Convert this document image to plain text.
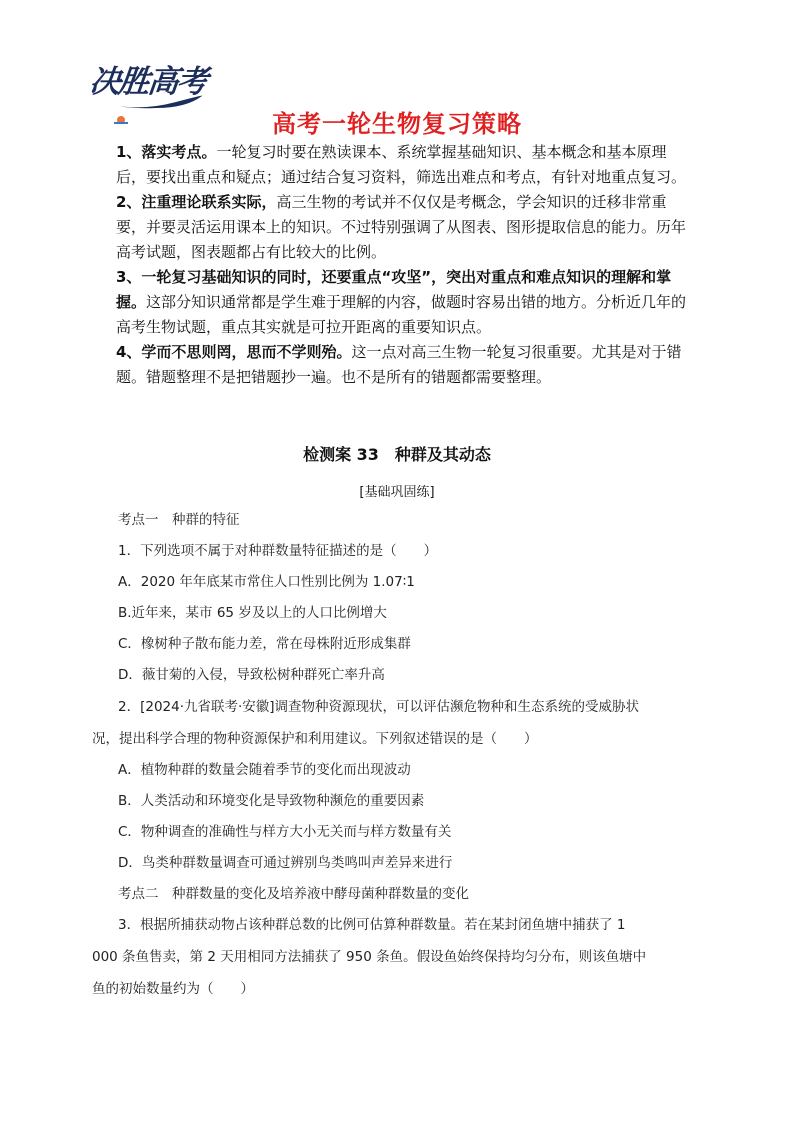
决胜高考
高考一轮生物复习策略

1、落实考点。一轮复习时要在熟读课本、系统掌握基础知识、基本概念和基本原理后，要找出重点和疑点；通过结合复习资料，筛选出难点和考点，有针对地重点复习。

2、注重理论联系实际，高三生物的考试并不仅仅是考概念，学会知识的迁移非常重要，并要灵活运用课本上的知识。不过特别强调了从图表、图形提取信息的能力。历年高考试题，图表题都占有比较大的比例。

3、一轮复习基础知识的同时，还要重点“攻坚”，突出对重点和难点知识的理解和掌握。这部分知识通常都是学生难于理解的内容，做题时容易出错的地方。分析近几年的高考生物试题，重点其实就是可拉开距离的重要知识点。

4、学而不思则罔，思而不学则殆。这一点对高三生物一轮复习很重要。尤其是对于错题。错题整理不是把错题抄一遍。也不是所有的错题都需要整理。

检测案 33　种群及其动态
[基础巩固练]
考点一　种群的特征
1．下列选项不属于对种群数量特征描述的是（　　）
A．2020 年年底某市常住人口性别比例为 1.07∶1
B.近年来，某市 65 岁及以上的人口比例增大
C．橡树种子散布能力差，常在母株附近形成集群
D．薇甘菊的入侵，导致松树种群死亡率升高
2．[2024·九省联考·安徽]调查物种资源现状，可以评估濒危物种和生态系统的受威胁状
况，提出科学合理的物种资源保护和利用建议。下列叙述错误的是（　　）
A．植物种群的数量会随着季节的变化而出现波动
B．人类活动和环境变化是导致物种濒危的重要因素
C．物种调查的准确性与样方大小无关而与样方数量有关
D．鸟类种群数量调查可通过辨别鸟类鸣叫声差异来进行
考点二　种群数量的变化及培养液中酵母菌种群数量的变化
3．根据所捕获动物占该种群总数的比例可估算种群数量。若在某封闭鱼塘中捕获了 1
000 条鱼售卖，第 2 天用相同方法捕获了 950 条鱼。假设鱼始终保持均匀分布，则该鱼塘中
鱼的初始数量约为（　　）
